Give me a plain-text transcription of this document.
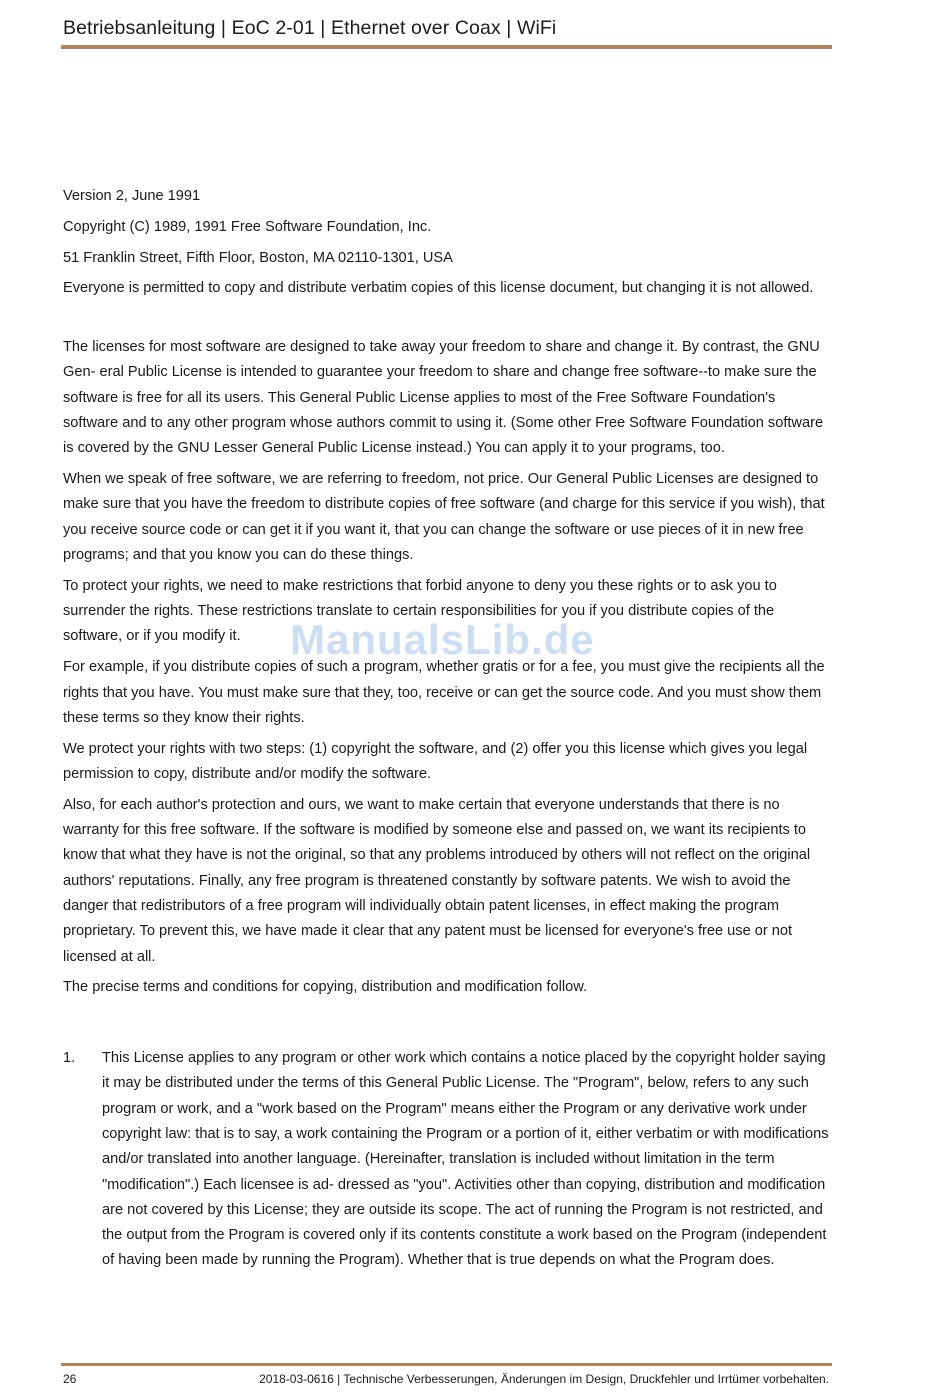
Betriebsanleitung | EoC 2-01 | Ethernet over Coax | WiFi

Version 2, June 1991

Copyright (C) 1989, 1991 Free Software Foundation, Inc.

51 Franklin Street, Fifth Floor, Boston, MA 02110-1301, USA

Everyone is permitted to copy and distribute verbatim copies of this license document, but changing it is not allowed.

The licenses for most software are designed to take away your freedom to share and change it. By contrast, the GNU Gen- eral Public License is intended to guarantee your freedom to share and change free software--to make sure the software is free for all its users. This General Public License applies to most of the Free Software Foundation's software and to any other program whose authors commit to using it. (Some other Free Software Foundation software is covered by the GNU Lesser General Public License instead.) You can apply it to your programs, too.

When we speak of free software, we are referring to freedom, not price. Our General Public Licenses are designed to make sure that you have the freedom to distribute copies of free software (and charge for this service if you wish), that you receive source code or can get it if you want it, that you can change the software or use pieces of it in new free programs; and that you know you can do these things.

To protect your rights, we need to make restrictions that forbid anyone to deny you these rights or to ask you to surrender the rights. These restrictions translate to certain responsibilities for you if you distribute copies of the software, or if you modify it.

For example, if you distribute copies of such a program, whether gratis or for a fee, you must give the recipients all the rights that you have. You must make sure that they, too, receive or can get the source code. And you must show them these terms so they know their rights.

We protect your rights with two steps: (1) copyright the software, and (2) offer you this license which gives you legal permission to copy, distribute and/or modify the software.

Also, for each author's protection and ours, we want to make certain that everyone understands that there is no warranty for this free software. If the software is modified by someone else and passed on, we want its recipients to know that what they have is not the original, so that any problems introduced by others will not reflect on the original authors' reputations. Finally, any free program is threatened constantly by software patents. We wish to avoid the danger that redistributors of a free program will individually obtain patent licenses, in effect making the program proprietary. To prevent this, we have made it clear that any patent must be licensed for everyone's free use or not licensed at all.

The precise terms and conditions for copying, distribution and modification follow.

1.	This License applies to any program or other work which contains a notice placed by the copyright holder saying it may be distributed under the terms of this General Public License. The "Program", below, refers to any such program or work, and a "work based on the Program" means either the Program or any derivative work under copyright law: that is to say, a work containing the Program or a portion of it, either verbatim or with modifications and/or translated into another language. (Hereinafter, translation is included without limitation in the term "modification".) Each licensee is ad- dressed as "you". Activities other than copying, distribution and modification are not covered by this License; they are outside its scope. The act of running the Program is not restricted, and the output from the Program is covered only if its contents constitute a work based on the Program (independent of having been made by running the Program). Whether that is true depends on what the Program does.
ManualsLib.de
26	2018-03-0616 | Technische Verbesserungen, Änderungen im Design, Druckfehler und Irrtümer vorbehalten.
